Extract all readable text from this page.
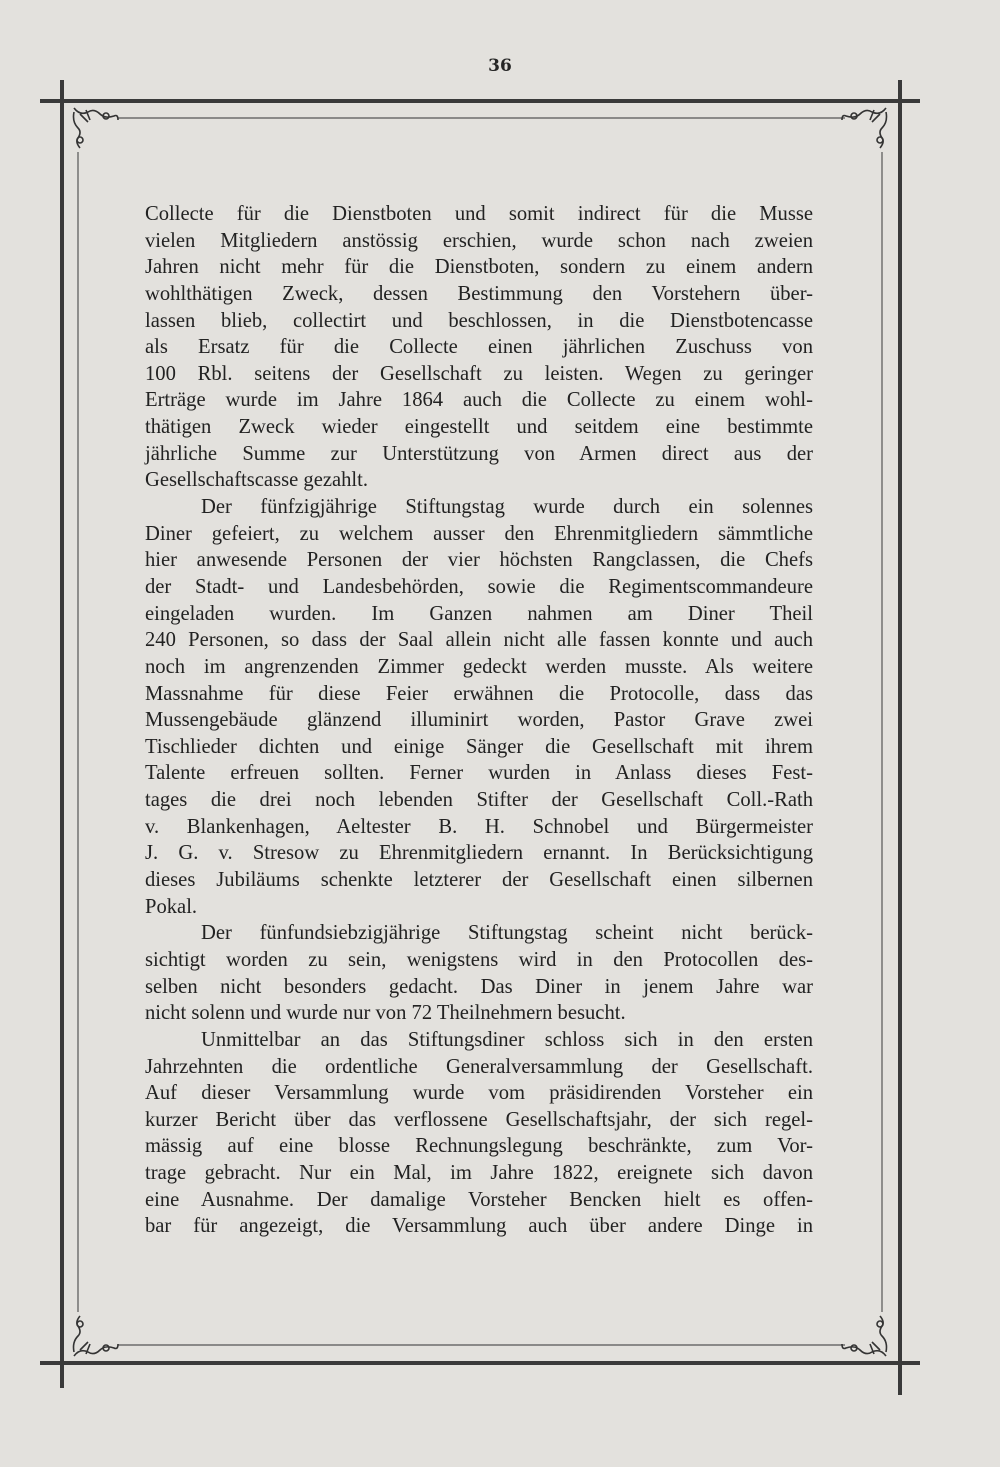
36
Collecte für die Dienstboten und somit indirect für die Musse
vielen Mitgliedern anstössig erschien, wurde schon nach zweien
Jahren nicht mehr für die Dienstboten, sondern zu einem andern
wohlthätigen Zweck, dessen Bestimmung den Vorstehern über-
lassen blieb, collectirt und beschlossen, in die Dienstbotencasse
als Ersatz für die Collecte einen jährlichen Zuschuss von
100 Rbl. seitens der Gesellschaft zu leisten. Wegen zu geringer
Erträge wurde im Jahre 1864 auch die Collecte zu einem wohl-
thätigen Zweck wieder eingestellt und seitdem eine bestimmte
jährliche Summe zur Unterstützung von Armen direct aus der
Gesellschaftscasse gezahlt.
Der fünfzigjährige Stiftungstag wurde durch ein solennes
Diner gefeiert, zu welchem ausser den Ehrenmitgliedern sämmtliche
hier anwesende Personen der vier höchsten Rangclassen, die Chefs
der Stadt- und Landesbehörden, sowie die Regimentscommandeure
eingeladen wurden. Im Ganzen nahmen am Diner Theil
240 Personen, so dass der Saal allein nicht alle fassen konnte und auch
noch im angrenzenden Zimmer gedeckt werden musste. Als weitere
Massnahme für diese Feier erwähnen die Protocolle, dass das
Mussengebäude glänzend illuminirt worden, Pastor Grave zwei
Tischlieder dichten und einige Sänger die Gesellschaft mit ihrem
Talente erfreuen sollten. Ferner wurden in Anlass dieses Fest-
tages die drei noch lebenden Stifter der Gesellschaft Coll.-Rath
v. Blankenhagen, Aeltester B. H. Schnobel und Bürgermeister
J. G. v. Stresow zu Ehrenmitgliedern ernannt. In Berücksichtigung
dieses Jubiläums schenkte letzterer der Gesellschaft einen silbernen
Pokal.
Der fünfundsiebzigjährige Stiftungstag scheint nicht berück-
sichtigt worden zu sein, wenigstens wird in den Protocollen des-
selben nicht besonders gedacht. Das Diner in jenem Jahre war
nicht solenn und wurde nur von 72 Theilnehmern besucht.
Unmittelbar an das Stiftungsdiner schloss sich in den ersten
Jahrzehnten die ordentliche Generalversammlung der Gesellschaft.
Auf dieser Versammlung wurde vom präsidirenden Vorsteher ein
kurzer Bericht über das verflossene Gesellschaftsjahr, der sich regel-
mässig auf eine blosse Rechnungslegung beschränkte, zum Vor-
trage gebracht. Nur ein Mal, im Jahre 1822, ereignete sich davon
eine Ausnahme. Der damalige Vorsteher Bencken hielt es offen-
bar für angezeigt, die Versammlung auch über andere Dinge in
